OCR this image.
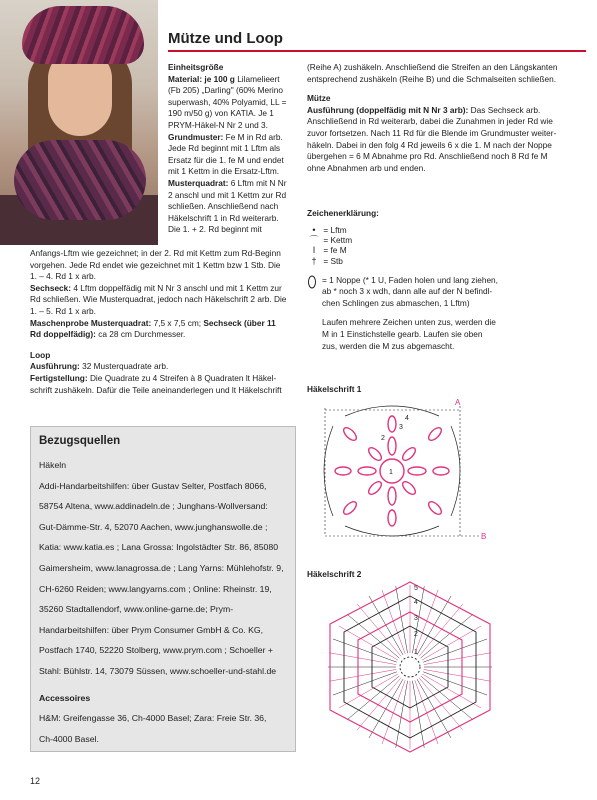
Mütze und Loop
Einheitsgröße
Material: je 100 g Lilamelieert
(Fb 205) „Darling" (60% Merino
superwash, 40% Polyamid, LL =
190 m/50 g) von KATIA. Je 1
PRYM-Häkel-N Nr 2 und 3.
Grundmuster: Fe M in Rd arb.
Jede Rd beginnt mit 1 Lftm als
Ersatz für die 1. fe M und endet
mit 1 Kettm in die Ersatz-Lftm.
Musterquadrat: 6 Lftm mit N Nr
2 anschl und mit 1 Kettm zur Rd
schließen. Anschließend nach
Häkelschrift 1 in Rd weiterarb.
Die 1. + 2. Rd beginnt mit
Anfangs-Lftm wie gezeichnet; in der 2. Rd mit Kettm zum Rd-Beginn
vorgehen. Jede Rd endet wie gezeichnet mit 1 Kettm bzw 1 Stb. Die
1. – 4. Rd 1 x arb.
Sechseck: 4 Lftm doppelfädig mit N Nr 3 anschl und mit 1 Kettm zur
Rd schließen. Wie Musterquadrat, jedoch nach Häkelschrift 2 arb. Die
1. – 5. Rd 1 x arb.
Maschenprobe Musterquadrat: 7,5 x 7,5 cm; Sechseck (über 11
Rd doppelfädig): ca 28 cm Durchmesser.
Loop
Ausführung: 32 Musterquadrate arb.
Fertigstellung: Die Quadrate zu 4 Streifen à 8 Quadraten lt Häkel-
schrift zushäkeln. Dafür die Teile aneinanderlegen und lt Häkelschrift
(Reihe A) zushäkeln. Anschließend die Streifen an den Längskanten
entsprechend zushäkeln (Reihe B) und die Schmalseiten schließen.
Mütze
Ausführung (doppelfädig mit N Nr 3 arb): Das Sechseck arb.
Anschließend in Rd weiterarb, dabei die Zunahmen in jeder Rd wie
zuvor fortsetzen. Nach 11 Rd für die Blende im Grundmuster weiter-
häkeln. Dabei in den folg 4 Rd jeweils 6 x die 1. M nach der Noppe
übergehen = 6 M Abnahme pro Rd. Anschließend noch 8 Rd fe M
ohne Abnahmen arb und enden.
Zeichenerklärung:
• = Lftm
⌒ = Kettm
I = fe M
† = Stb
= 1 Noppe (* 1 U, Faden holen und lang ziehen,
ab * noch 3 x wdh, dann alle auf der N befindl-
chen Schlingen zus abmaschen, 1 Lftm)
Laufen mehrere Zeichen unten zus, werden die
M in 1 Einstichstelle gearb. Laufen sie oben
zus, werden die M zus abgemascht.
Häkelschrift 1
A
B
2
3
4
1
Häkelschrift 2
5
4
3
2
1
Bezugsquellen
Häkeln
Addi-Handarbeitshilfen: über Gustav Selter, Postfach 8066,
58754 Altena, www.addinadeln.de ; Junghans-Wollversand:
Gut-Dämme-Str. 4, 52070 Aachen, www.junghanswolle.de ;
Katia: www.katia.es ; Lana Grossa: Ingolstädter Str. 86, 85080
Gaimersheim, www.lanagrossa.de ; Lang Yarns: Mühlehofstr. 9,
CH-6260 Reiden; www.langyarns.com ; Online: Rheinstr. 19,
35260 Stadtallendorf, www.online-garne.de; Prym-
Handarbeitshilfen: über Prym Consumer GmbH & Co. KG,
Postfach 1740, 52220 Stolberg, www.prym.com ; Schoeller +
Stahl: Bühlstr. 14, 73079 Süssen, www.schoeller-und-stahl.de
Accessoires
H&M: Greifengasse 36, Ch-4000 Basel; Zara: Freie Str. 36,
Ch-4000 Basel.
12
